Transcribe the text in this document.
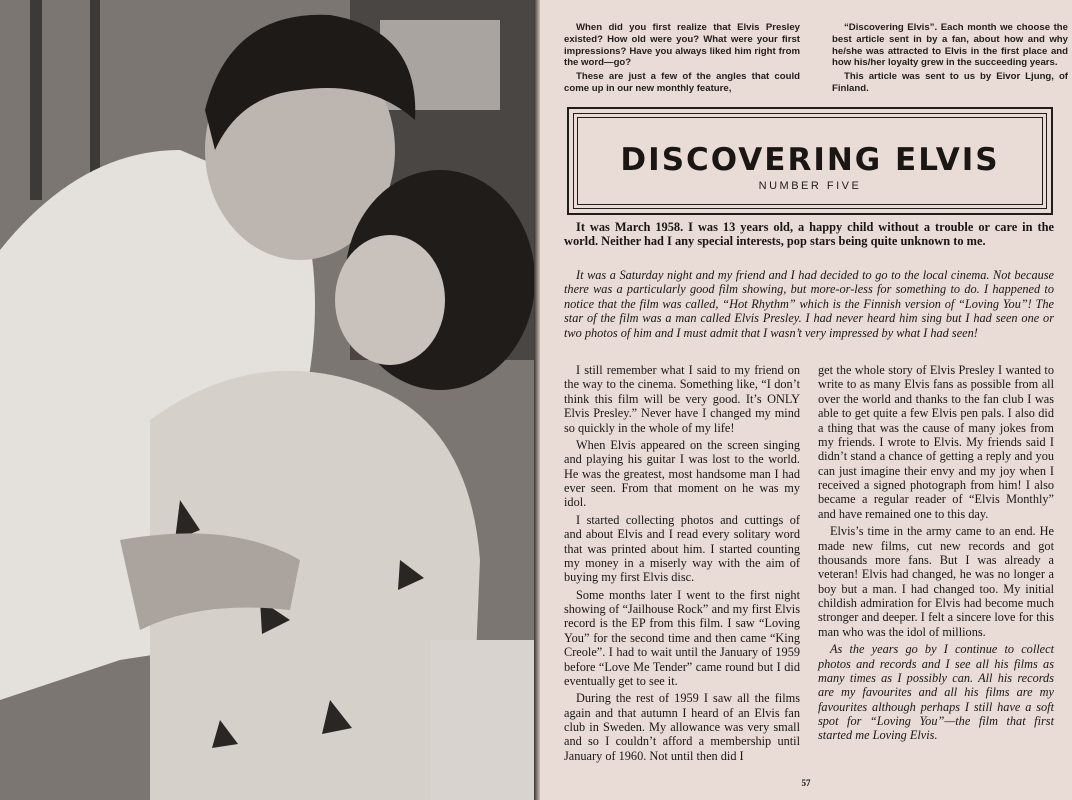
When did you first realize that Elvis Presley existed? How old were you? What were your first impressions? Have you always liked him right from the word—go?

These are just a few of the angles that could come up in our new monthly feature,

“Discovering Elvis”. Each month we choose the best article sent in by a fan, about how and why he/she was attracted to Elvis in the first place and how his/her loyalty grew in the succeeding years.

This article was sent to us by Eivor Ljung, of Finland.

DISCOVERING ELVIS
NUMBER FIVE

It was March 1958. I was 13 years old, a happy child without a trouble or care in the world. Neither had I any special interests, pop stars being quite unknown to me.

It was a Saturday night and my friend and I had decided to go to the local cinema. Not because there was a particularly good film showing, but more-or-less for something to do. I happened to notice that the film was called, “Hot Rhythm” which is the Finnish version of “Loving You”! The star of the film was a man called Elvis Presley. I had never heard him sing but I had seen one or two photos of him and I must admit that I wasn’t very impressed by what I had seen!

I still remember what I said to my friend on the way to the cinema. Something like, “I don’t think this film will be very good. It’s ONLY Elvis Presley.” Never have I changed my mind so quickly in the whole of my life!

When Elvis appeared on the screen singing and playing his guitar I was lost to the world. He was the greatest, most handsome man I had ever seen. From that moment on he was my idol.

I started collecting photos and cuttings of and about Elvis and I read every solitary word that was printed about him. I started counting my money in a miserly way with the aim of buying my first Elvis disc.

Some months later I went to the first night showing of “Jailhouse Rock” and my first Elvis record is the EP from this film. I saw “Loving You” for the second time and then came “King Creole”. I had to wait until the January of 1959 before “Love Me Tender” came round but I did eventually get to see it.

During the rest of 1959 I saw all the films again and that autumn I heard of an Elvis fan club in Sweden. My allowance was very small and so I couldn’t afford a membership until January of 1960. Not until then did I

get the whole story of Elvis Presley I wanted to write to as many Elvis fans as possible from all over the world and thanks to the fan club I was able to get quite a few Elvis pen pals. I also did a thing that was the cause of many jokes from my friends. I wrote to Elvis. My friends said I didn’t stand a chance of getting a reply and you can just imagine their envy and my joy when I received a signed photograph from him! I also became a regular reader of “Elvis Monthly” and have remained one to this day.

Elvis’s time in the army came to an end. He made new films, cut new records and got thousands more fans. But I was already a veteran! Elvis had changed, he was no longer a boy but a man. I had changed too. My initial childish admiration for Elvis had become much stronger and deeper. I felt a sincere love for this man who was the idol of millions.

As the years go by I continue to collect photos and records and I see all his films as many times as I possibly can. All his records are my favourites and all his films are my favourites although perhaps I still have a soft spot for “Loving You”—the film that first started me Loving Elvis.

57
